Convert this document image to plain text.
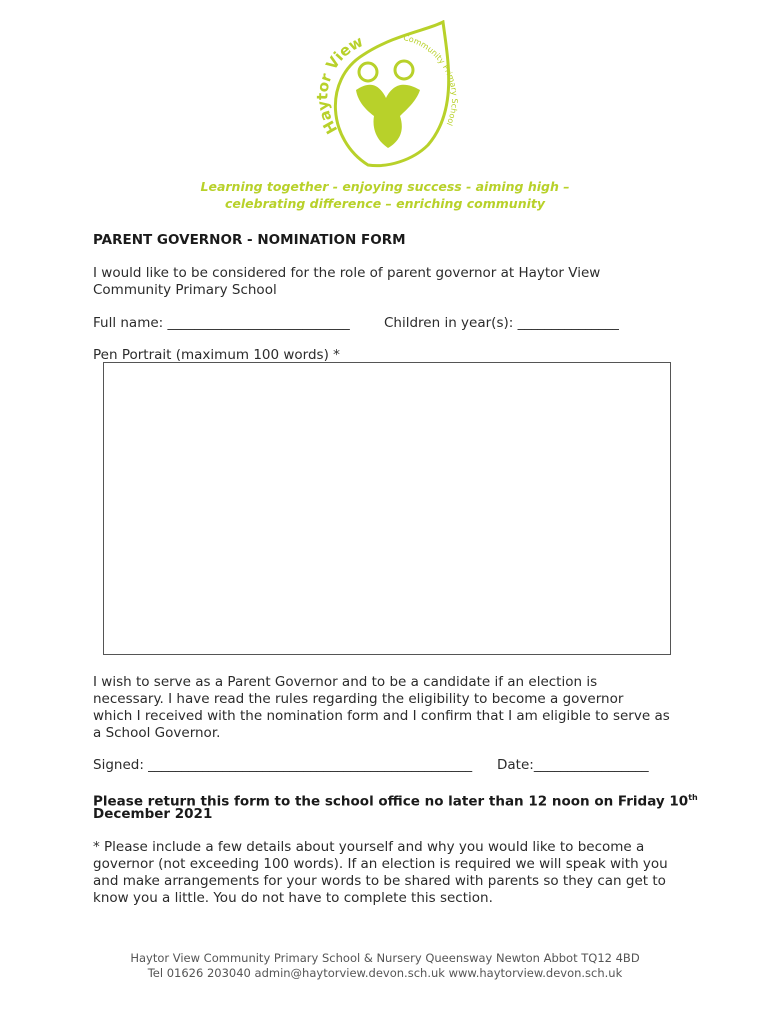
Haytor View	Community Primary School
Learning together - enjoying success - aiming high –
celebrating difference – enriching community
PARENT GOVERNOR - NOMINATION FORM
I would like to be considered for the role of parent governor at Haytor View
Community Primary School
Full name: ___________________________	Children in year(s): _______________
Pen Portrait (maximum 100 words) *
I wish to serve as a Parent Governor and to be a candidate if an election is
necessary. I have read the rules regarding the eligibility to become a governor
which I received with the nomination form and I confirm that I am eligible to serve as
a School Governor.
Signed: ________________________________________________ Date:_________________
Please return this form to the school office no later than 12 noon on Friday 10th
December 2021
* Please include a few details about yourself and why you would like to become a
governor (not exceeding 100 words). If an election is required we will speak with you
and make arrangements for your words to be shared with parents so they can get to
know you a little. You do not have to complete this section.
Haytor View Community Primary School & Nursery Queensway Newton Abbot TQ12 4BD
Tel 01626 203040 admin@haytorview.devon.sch.uk www.haytorview.devon.sch.uk
